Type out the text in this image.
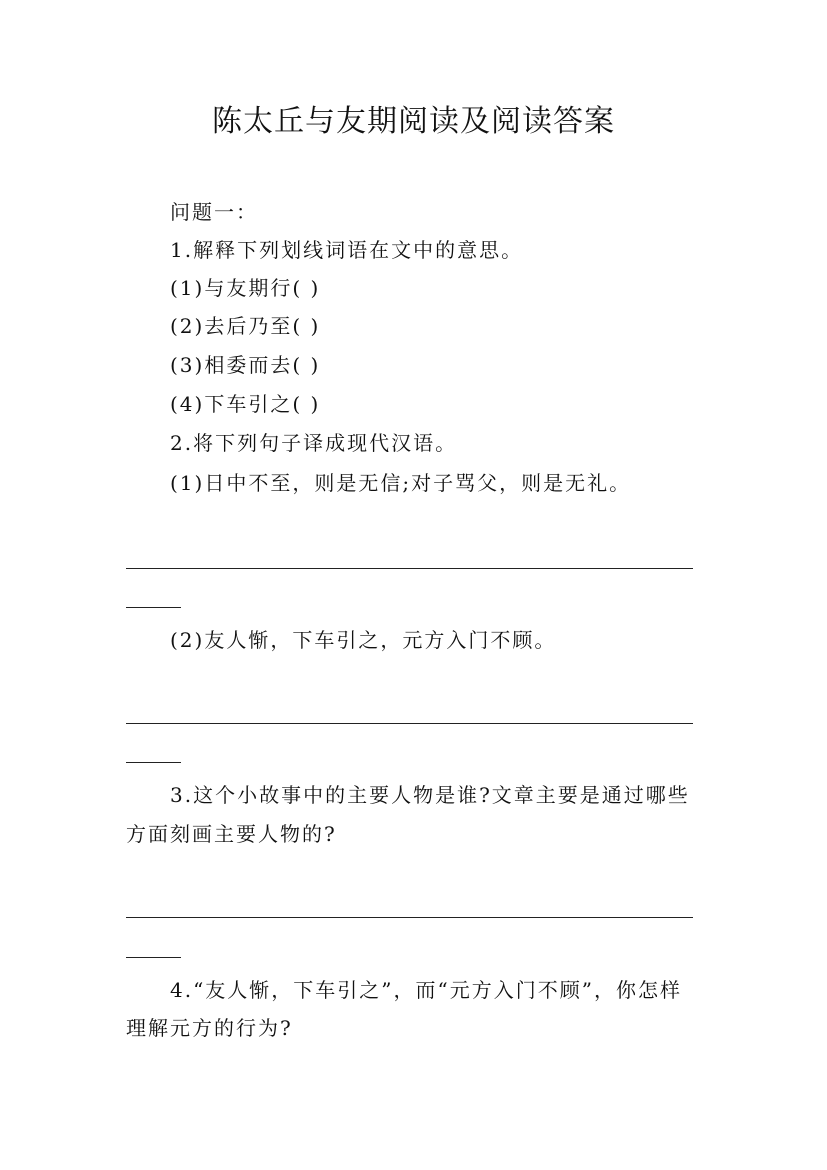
陈太丘与友期阅读及阅读答案
问题一：
1.解释下列划线词语在文中的意思。
(1)与友期行( )
(2)去后乃至( )
(3)相委而去( )
(4)下车引之( )
2.将下列句子译成现代汉语。
(1)日中不至，则是无信;对子骂父，则是无礼。
(2)友人惭，下车引之，元方入门不顾。
3.这个小故事中的主要人物是谁?文章主要是通过哪些
方面刻画主要人物的?
4.“友人惭，下车引之”，而“元方入门不顾”，你怎样
理解元方的行为?
